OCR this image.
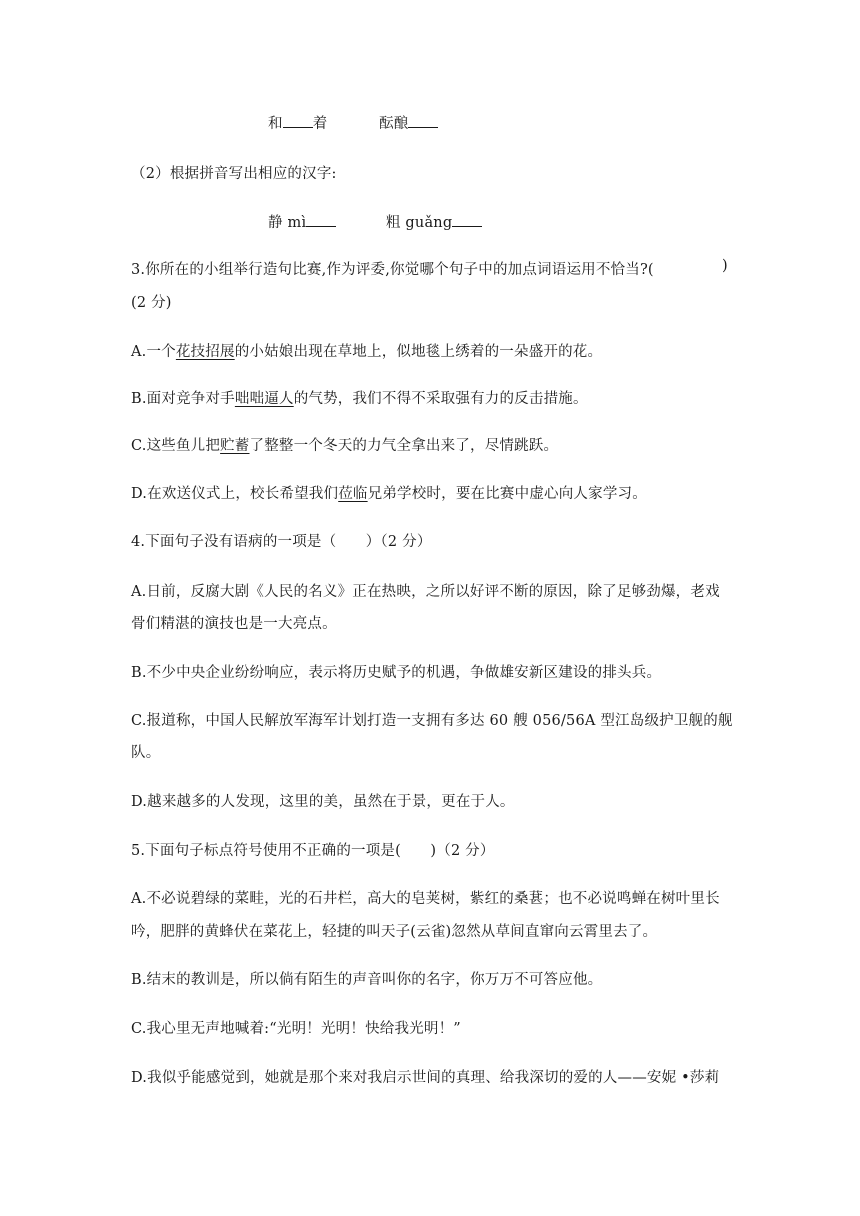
和 着	酝酿
（2）根据拼音写出相应的汉字:
静 mì	粗 guǎng
3.你所在的小组举行造句比赛,作为评委,你觉哪个句子中的加点词语运用不恰当?(	)
(2 分)
A.一个花技招展的小姑娘出现在草地上，似地毯上绣着的一朵盛开的花。
B.面对竞争对手咄咄逼人的气势，我们不得不采取强有力的反击措施。
C.这些鱼儿把贮蓄了整整一个冬天的力气全拿出来了，尽情跳跃。
D.在欢送仪式上，校长希望我们莅临兄弟学校时，要在比赛中虚心向人家学习。
4.下面句子没有语病的一项是（　　）（2 分）
A.日前，反腐大剧《人民的名义》正在热映，之所以好评不断的原因，除了足够劲爆，老戏
骨们精湛的演技也是一大亮点。
B.不少中央企业纷纷响应，表示将历史赋予的机遇，争做雄安新区建设的排头兵。
C.报道称，中国人民解放军海军计划打造一支拥有多达 60 艘 056/56A 型江岛级护卫舰的舰
队。
D.越来越多的人发现，这里的美，虽然在于景，更在于人。
5.下面句子标点符号使用不正确的一项是(　　)（2 分）
A.不必说碧绿的菜畦，光的石井栏，高大的皂荚树，紫红的桑葚；也不必说鸣蝉在树叶里长
吟，肥胖的黄蜂伏在菜花上，轻捷的叫天子(云雀)忽然从草间直窜向云霄里去了。
B.结末的教训是，所以倘有陌生的声音叫你的名字，你万万不可答应他。
C.我心里无声地喊着:“光明！光明！快给我光明！”
D.我似乎能感觉到，她就是那个来对我启示世间的真理、给我深切的爱的人——安妮 •莎莉
